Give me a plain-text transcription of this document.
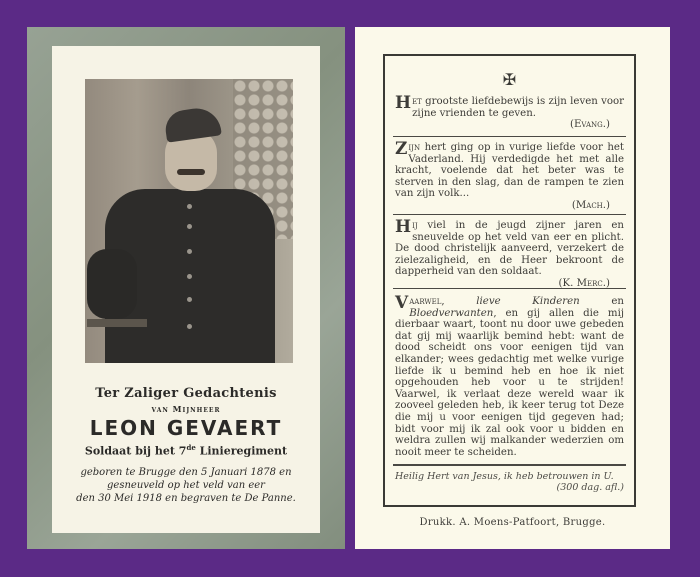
Ter Zaliger Gedachtenis
van Mijnheer
LEON GEVAERT
Soldaat bij het 7de Linieregiment
geboren te Brugge den 5 Januari 1878 en
gesneuveld op het veld van eer
den 30 Mei 1918 en begraven te De Panne.
✠
Het grootste liefdebewijs is zijn leven voor zijne vrienden te geven.
(Evang.)
Zijn hert ging op in vurige liefde voor het Vaderland. Hij verdedigde het met alle kracht, voelende dat het beter was te sterven in den slag, dan de rampen te zien van zijn volk...
(Mach.)
Hij viel in de jeugd zijner jaren en sneuvelde op het veld van eer en plicht. De dood christelijk aanveerd, verzekert de zielezaligheid, en de Heer bekroont de dapperheid van den soldaat.
(K. Merc.)
Vaarwel, lieve Kinderen en Bloedverwanten, en gij allen die mij dierbaar waart, toont nu door uwe gebeden dat gij mij waarlijk bemind hebt: want de dood scheidt ons voor eenigen tijd van elkander; wees gedachtig met welke vurige liefde ik u bemind heb en hoe ik niet opgehouden heb voor u te strijden! Vaarwel, ik verlaat deze wereld waar ik zooveel geleden heb, ik keer terug tot Deze die mij u voor eenigen tijd gegeven had; bidt voor mij ik zal ook voor u bidden en weldra zullen wij malkander wederzien om nooit meer te scheiden.
Heilig Hert van Jesus, ik heb betrouwen in U.
(300 dag. afl.)
Drukk. A. Moens-Patfoort, Brugge.
